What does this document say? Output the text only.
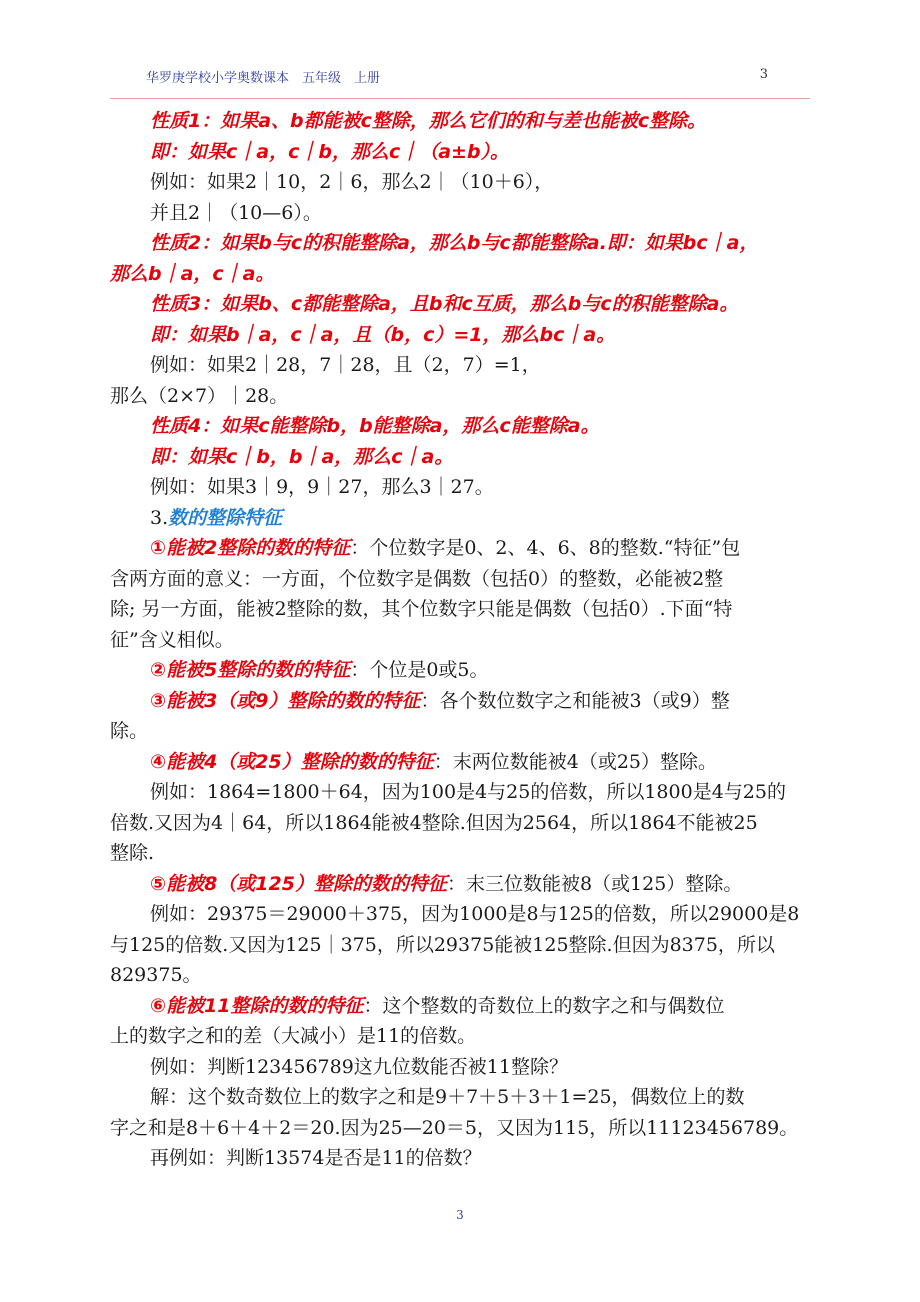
华罗庚学校小学奥数课本　五年级　上册	3
性质1：如果a、b都能被c整除，那么它们的和与差也能被c整除。
即：如果c｜a，c｜b，那么c｜（a±b）。
例如：如果2｜10，2｜6，那么2｜（10＋6），
并且2｜（10—6）。
性质2：如果b与c的积能整除a，那么b与c都能整除a.即：如果bc｜a，
那么b｜a，c｜a。
性质3：如果b、c都能整除a，且b和c互质，那么b与c的积能整除a。
即：如果b｜a，c｜a，且（b，c）=1，那么bc｜a。
例如：如果2｜28，7｜28，且（2，7）=1，
那么（2×7）｜28。
性质4：如果c能整除b，b能整除a，那么c能整除a。
即：如果c｜b，b｜a，那么c｜a。
例如：如果3｜9，9｜27，那么3｜27。
3.数的整除特征
①能被2整除的数的特征：个位数字是0、2、4、6、8的整数.“特征”包
含两方面的意义：一方面，个位数字是偶数（包括0）的整数，必能被2整
除; 另一方面，能被2整除的数，其个位数字只能是偶数（包括0）.下面“特
征”含义相似。
②能被5整除的数的特征：个位是0或5。
③能被3（或9）整除的数的特征：各个数位数字之和能被3（或9）整
除。
④能被4（或25）整除的数的特征：末两位数能被4（或25）整除。
例如：1864=1800＋64，因为100是4与25的倍数，所以1800是4与25的
倍数.又因为4｜64，所以1864能被4整除.但因为2564，所以1864不能被25
整除.
⑤能被8（或125）整除的数的特征：末三位数能被8（或125）整除。
例如：29375＝29000＋375，因为1000是8与125的倍数，所以29000是8
与125的倍数.又因为125｜375，所以29375能被125整除.但因为8375，所以
829375。
⑥能被11整除的数的特征：这个整数的奇数位上的数字之和与偶数位
上的数字之和的差（大减小）是11的倍数。
例如：判断123456789这九位数能否被11整除？
解：这个数奇数位上的数字之和是9＋7＋5＋3＋1=25，偶数位上的数
字之和是8＋6＋4＋2＝20.因为25—20＝5，又因为115，所以11123456789。
再例如：判断13574是否是11的倍数？
3
